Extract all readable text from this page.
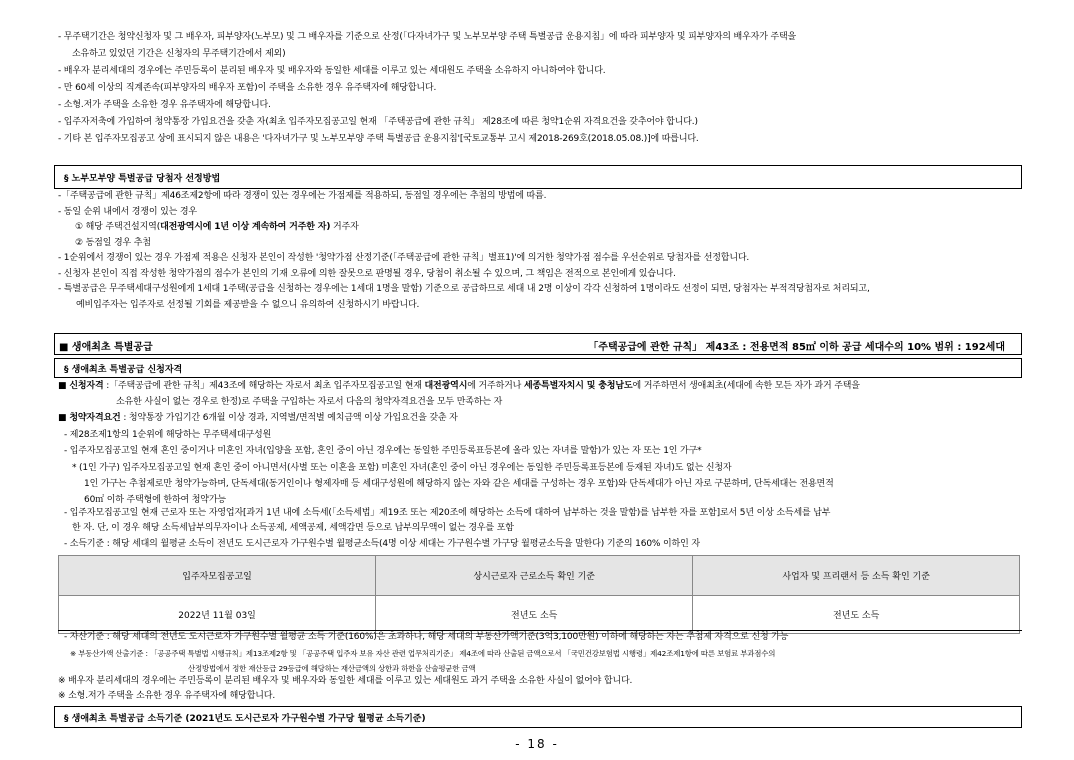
- 무주택기간은 청약신청자 및 그 배우자, 피부양자(노부모) 및 그 배우자를 기준으로 산정(「다자녀가구 및 노부모부양 주택 특별공급 운용지침」에 따라 피부양자 및 피부양자의 배우자가 주택을
소유하고 있었던 기간은 신청자의 무주택기간에서 제외)
- 배우자 분리세대의 경우에는 주민등록이 분리된 배우자 및 배우자와 동일한 세대를 이루고 있는 세대원도 주택을 소유하지 아니하여야 합니다.
- 만 60세 이상의 직계존속(피부양자의 배우자 포함)이 주택을 소유한 경우 유주택자에 해당합니다.
- 소형.저가 주택을 소유한 경우 유주택자에 해당합니다.
- 입주자저축에 가입하여 청약통장 가입요건을 갖춘 자(최초 입주자모집공고일 현재 「주택공급에 관한 규칙」 제28조에 따른 청약1순위 자격요건을 갖추어야 합니다.)
- 기타 본 입주자모집공고 상에 표시되지 않은 내용은 '다자녀가구 및 노부모부양 주택 특별공급 운용지침'[국토교통부 고시 제2018-269호(2018.05.08.)]에 따릅니다.
§ 노부모부양 특별공급 당첨자 선정방법
-「주택공급에 관한 규칙」제46조제2항에 따라 경쟁이 있는 경우에는 가점제를 적용하되, 동점일 경우에는 추첨의 방법에 따름.
- 동일 순위 내에서 경쟁이 있는 경우
① 해당 주택건설지역(대전광역시에 1년 이상 계속하여 거주한 자) 거주자
② 동점일 경우 추첨
- 1순위에서 경쟁이 있는 경우 가점제 적용은 신청자 본인이 작성한 '청약가점 산정기준(「주택공급에 관한 규칙」별표1)'에 의거한 청약가점 점수를 우선순위로 당첨자를 선정합니다.
- 신청자 본인이 직접 작성한 청약가점의 점수가 본인의 기재 오류에 의한 잘못으로 판명될 경우, 당첨이 취소될 수 있으며, 그 책임은 전적으로 본인에게 있습니다.
- 특별공급은 무주택세대구성원에게 1세대 1주택(공급을 신청하는 경우에는 1세대 1명을 말함) 기준으로 공급하므로 세대 내 2명 이상이 각각 신청하여 1명이라도 선정이 되면, 당첨자는 부적격당첨자로 처리되고,
예비입주자는 입주자로 선정될 기회를 제공받을 수 없으니 유의하여 신청하시기 바랍니다.
■ 생애최초 특별공급	「주택공급에 관한 규칙」 제43조 : 전용면적 85㎡ 이하 공급 세대수의 10% 범위 : 192세대
§ 생애최초 특별공급 신청자격
■ 신청자격 :「주택공급에 관한 규칙」제43조에 해당하는 자로서 최초 입주자모집공고일 현재 대전광역시에 거주하거나 세종특별자치시 및 충청남도에 거주하면서 생애최초(세대에 속한 모든 자가 과거 주택을
소유한 사실이 없는 경우로 한정)로 주택을 구입하는 자로서 다음의 청약자격요건을 모두 만족하는 자
■ 청약자격요건 : 청약통장 가입기간 6개월 이상 경과, 지역별/면적별 예치금액 이상 가입요건을 갖춘 자
- 제28조제1항의 1순위에 해당하는 무주택세대구성원
- 입주자모집공고일 현재 혼인 중이거나 미혼인 자녀(입양을 포함, 혼인 중이 아닌 경우에는 동일한 주민등록표등본에 올라 있는 자녀를 말함)가 있는 자 또는 1인 가구*
* (1인 가구) 입주자모집공고일 현재 혼인 중이 아니면서(사별 또는 이혼을 포함) 미혼인 자녀(혼인 중이 아닌 경우에는 동일한 주민등록표등본에 등재된 자녀)도 없는 신청자
1인 가구는 추첨제로만 청약가능하며, 단독세대(동거인이나 형제자매 등 세대구성원에 해당하지 않는 자와 같은 세대를 구성하는 경우 포함)와 단독세대가 아닌 자로 구분하며, 단독세대는 전용면적
60㎡ 이하 주택형에 한하여 청약가능
- 입주자모집공고일 현재 근로자 또는 자영업자[과거 1년 내에 소득세(「소득세법」제19조 또는 제20조에 해당하는 소득에 대하여 납부하는 것을 말함)를 납부한 자를 포함]로서 5년 이상 소득세를 납부
한 자. 단, 이 경우 해당 소득세납부의무자이나 소득공제, 세액공제, 세액감면 등으로 납부의무액이 없는 경우를 포함
- 소득기준 : 해당 세대의 월평균 소득이 전년도 도시근로자 가구원수별 월평균소득(4명 이상 세대는 가구원수별 가구당 월평균소득을 말한다) 기준의 160% 이하인 자
입주자모집공고일	상시근로자 근로소득 확인 기준	사업자 및 프리랜서 등 소득 확인 기준
2022년 11월 03일	전년도 소득	전년도 소득
- 자산기준 : 해당 세대의 전년도 도시근로자 가구원수별 월평균 소득 기준(160%)은 초과하나, 해당 세대의 부동산가액기준(3억3,100만원) 이하에 해당하는 자는 추첨제 자격으로 신청 가능
※ 부동산가액 산출기준 : 「공공주택 특별법 시행규칙」제13조제2항 및 「공공주택 입주자 보유 자산 관련 업무처리기준」 제4조에 따라 산출된 금액으로서 「국민건강보험법 시행령」제42조제1항에 따른 보험료 부과점수의
산정방법에서 정한 재산등급 29등급에 해당하는 재산금액의 상한과 하한을 산술평균한 금액
※ 배우자 분리세대의 경우에는 주민등록이 분리된 배우자 및 배우자와 동일한 세대를 이루고 있는 세대원도 과거 주택을 소유한 사실이 없어야 합니다.
※ 소형.저가 주택을 소유한 경우 유주택자에 해당합니다.
§ 생애최초 특별공급 소득기준 (2021년도 도시근로자 가구원수별 가구당 월평균 소득기준)
- 18 -
